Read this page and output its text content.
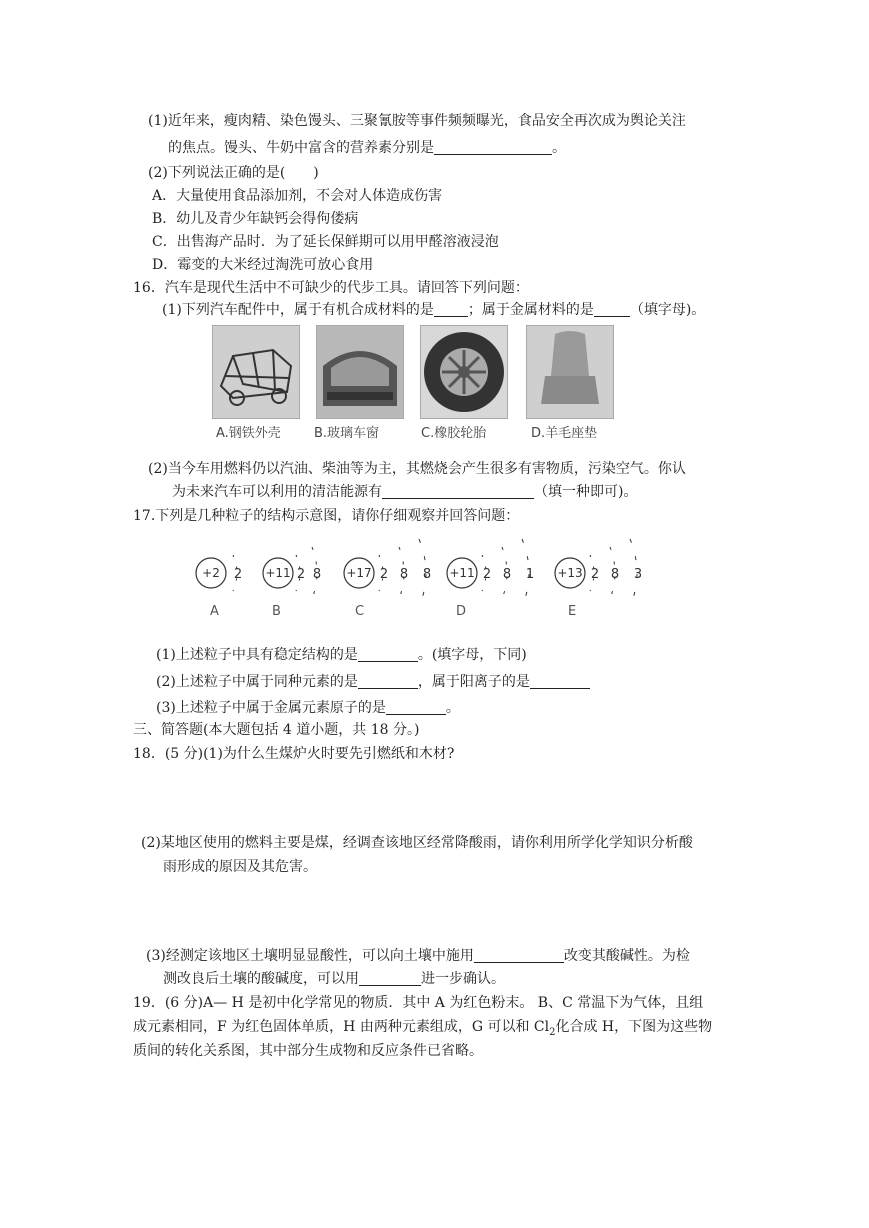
(1)近年来，瘦肉精、染色馒头、三聚氰胺等事件频频曝光，食品安全再次成为舆论关注
的焦点。馒头、牛奶中富含的营养素分别是	。
(2)下列说法正确的是(　　)
A．大量使用食品添加剂，不会对人体造成伤害
B．幼儿及青少年缺钙会得佝偻病
C．出售海产品时．为了延长保鲜期可以用甲醛溶液浸泡
D．霉变的大米经过淘洗可放心食用
16．汽车是现代生活中不可缺少的代步工具。请回答下列问题：
(1)下列汽车配件中，属于有机合成材料的是 ；属于金属材料的是	（填字母)。
A.钢铁外壳	B.玻璃车窗	C.橡胶轮胎	D.羊毛座垫
(2)当今车用燃料仍以汽油、柴油等为主，其燃烧会产生很多有害物质，污染空气。你认
为未来汽车可以利用的清洁能源有	（填一种即可)。
17.下列是几种粒子的结构示意图，请你仔细观察并回答问题：
+2 2 +11 2 8 +17 2 8 8 +11 2 8 1 +13 2 8 3
A	B	C	D	E
(1)上述粒子中具有稳定结构的是	。(填字母，下同)
(2)上述粒子中属于同种元素的是	，属于阳离子的是
(3)上述粒子中属于金属元素原子的是	。
三、简答题(本大题包括 4 道小题，共 18 分。)
18．(5 分)(1)为什么生煤炉火时要先引燃纸和木材?
(2)某地区使用的燃料主要是煤，经调查该地区经常降酸雨，请你利用所学化学知识分析酸
雨形成的原因及其危害。
(3)经测定该地区土壤明显显酸性，可以向土壤中施用	改变其酸碱性。为检
测改良后土壤的酸碱度，可以用	进一步确认。
19．(6 分)A— H 是初中化学常见的物质．其中 A 为红色粉末。 B、C 常温下为气体，且组
成元素相同，F 为红色固体单质，H 由两种元素组成，G 可以和 $Cl_2$化合成 H，下图为这些物
质间的转化关系图，其中部分生成物和反应条件已省略。
